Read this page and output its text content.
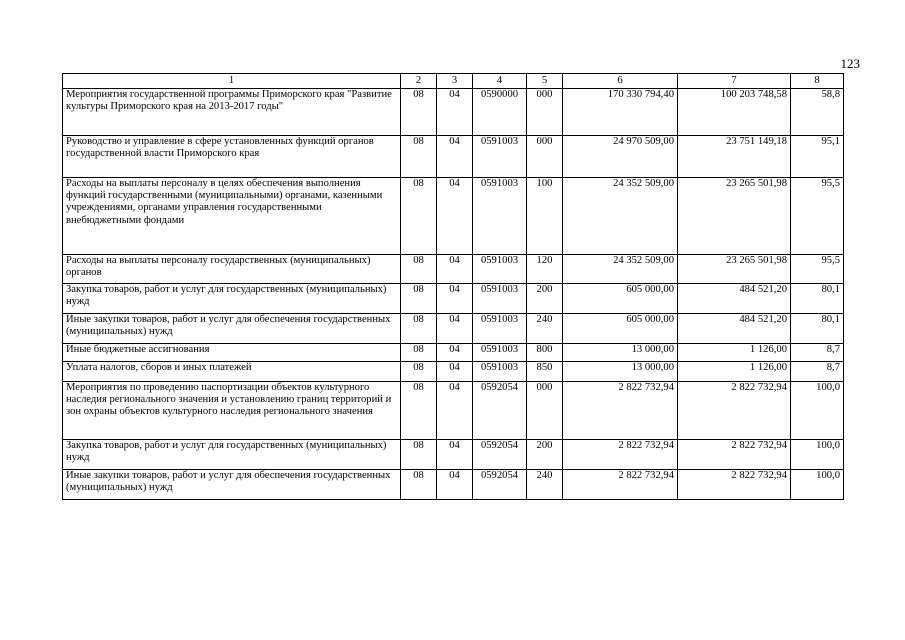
123
1	2	3	4	5	6	7	8
Мероприятия государственной программы Приморского края "Развитие культуры Приморского края на 2013-2017 годы"	08	04	0590000	000	170 330 794,40	100 203 748,58	58,8
Руководство и управление в сфере установленных функций органов государственной власти Приморского края	08	04	0591003	000	24 970 509,00	23 751 149,18	95,1
Расходы на выплаты персоналу в целях обеспечения выполнения функций государственными (муниципальными) органами, казенными учреждениями, органами управления государственными внебюджетными фондами	08	04	0591003	100	24 352 509,00	23 265 501,98	95,5
Расходы на выплаты персоналу государственных (муниципальных) органов	08	04	0591003	120	24 352 509,00	23 265 501,98	95,5
Закупка товаров, работ и услуг для государственных (муниципальных) нужд	08	04	0591003	200	605 000,00	484 521,20	80,1
Иные закупки товаров, работ и услуг для обеспечения государственных (муниципальных) нужд	08	04	0591003	240	605 000,00	484 521,20	80,1
Иные бюджетные ассигнования	08	04	0591003	800	13 000,00	1 126,00	8,7
Уплата налогов, сборов и иных платежей	08	04	0591003	850	13 000,00	1 126,00	8,7
Мероприятия по проведению паспортизации объектов культурного наследия регионального значения и установлению границ территорий и зон охраны объектов культурного наследия регионального значения	08	04	0592054	000	2 822 732,94	2 822 732,94	100,0
Закупка товаров, работ и услуг для государственных (муниципальных) нужд	08	04	0592054	200	2 822 732,94	2 822 732,94	100,0
Иные закупки товаров, работ и услуг для обеспечения государственных (муниципальных) нужд	08	04	0592054	240	2 822 732,94	2 822 732,94	100,0
